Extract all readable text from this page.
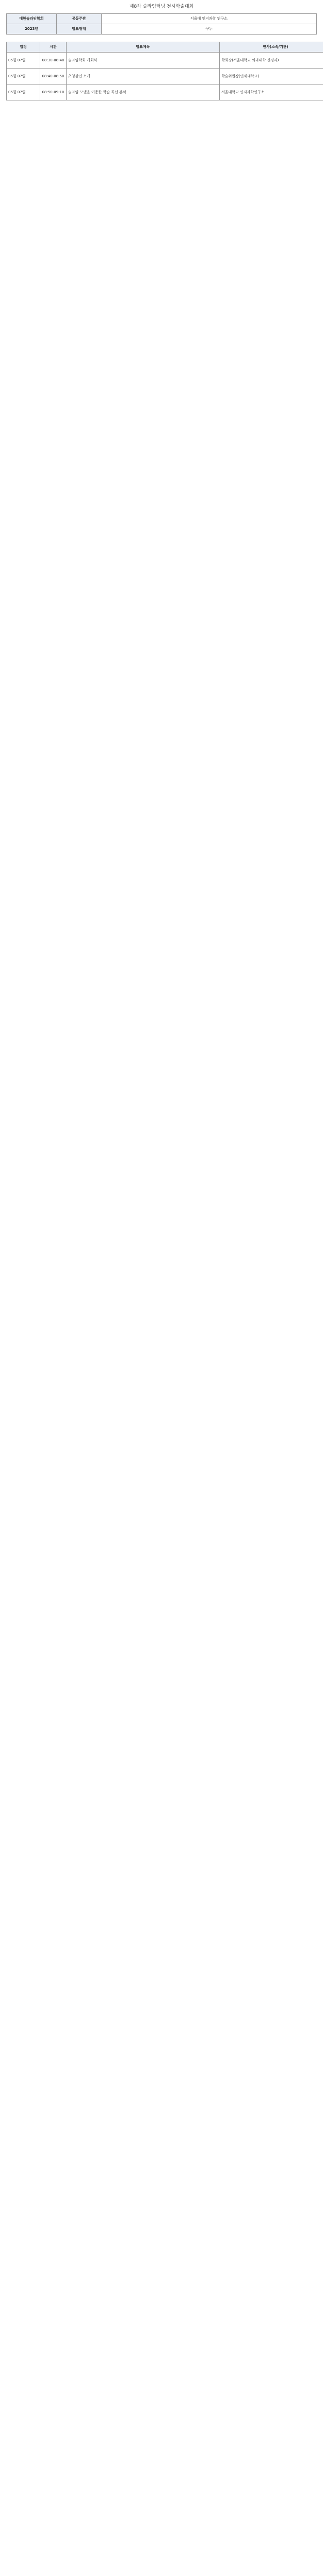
제8차 슬라임러닝 전시학술대회
대한슬라임학회	공동주관	서울대 인지과학 연구소
2023년	발표형태	구두
일정	시간	발표제목	연사(소속/기관)
05월 07일	08:30-08:40	슬라임학회 개회식	학회장(서울대학교 의과대학 신경과)
05월 07일	08:40-08:50	초청강연 소개	학술위원장(연세대학교)
05월 07일	08:50-09:10	슬라임 모델을 이용한 학습 곡선 분석	서울대학교 인지과학연구소
